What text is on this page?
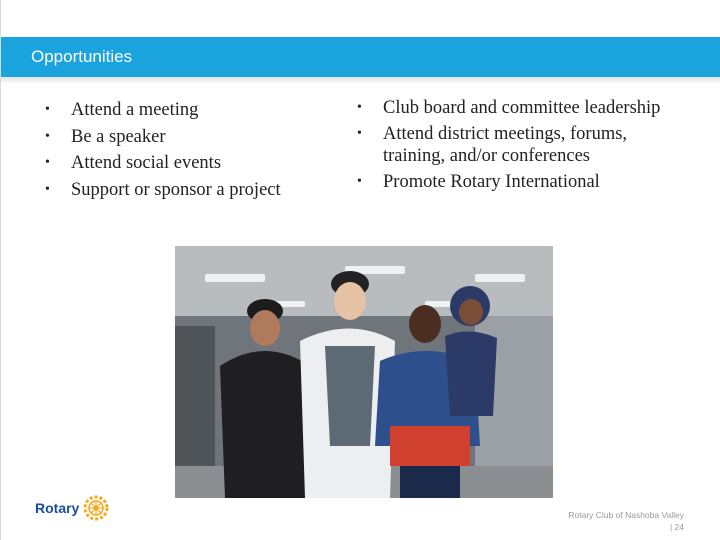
Opportunities
• Attend a meeting
• Be a speaker
• Attend social events
• Support or sponsor a project
• Club board and committee leadership
• Attend district meetings, forums, training, and/or conferences
• Promote Rotary International
Rotary	Rotary Club of Nashoba Valley
| 24
